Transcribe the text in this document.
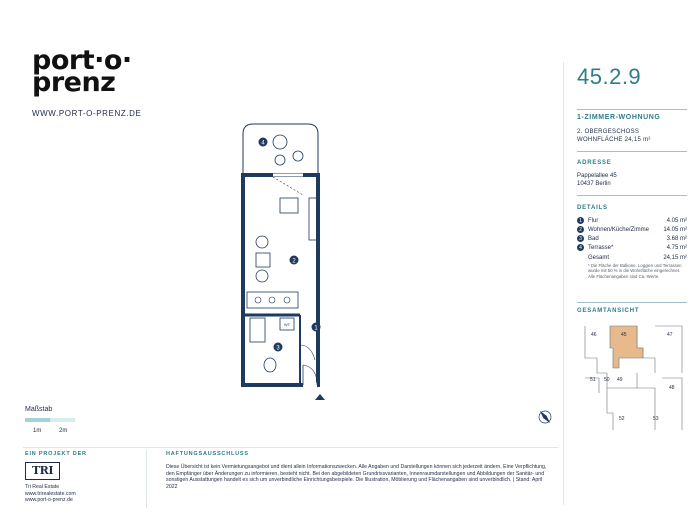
port·o·
prenz
WWW.PORT-O-PRENZ.DE
WT
4
2
1
3
45.2.9
1-ZIMMER-WOHNUNG
2. OBERGESCHOSS
WOHNFLÄCHE 24,15 m²
ADRESSE
Pappelallee 45
10437 Berlin
DETAILS
1	Flur	4.05 m²
2	Wohnen/Küche/Zimme	14.05 m²
3	Bad	3.68 m²
4	Terrasse*	4.75 m²
Gesamt	24,15 m²
* Die Fläche der Balkone, Loggien und Terrassen wurde mit 50 % in die Wohnfläche eingerechnet. Alle Flächenangaben sind Ca.-Werte.
GESAMTANSICHT
46	45	47
51 50 49
48
52	53
Maßstab
1m	2m
EIN PROJEKT DER
TRI
Tri Real Estate
www.trirealestate.com
www.port-o-prenz.de
HAFTUNGSAUSSCHLUSS
Diese Übersicht ist kein Vermietungsangebot und dient allein Informationszwecken. Alle Angaben und Darstellungen können sich jederzeit ändern. Eine Verpflichtung, den Empfänger über Änderungen zu informieren, besteht nicht. Bei den abgebildeten Grundrissvarianten, Innenraumdarstellungen und Abbildungen der Sanitär- und sonstigen Ausstattungen handelt es sich um unverbindliche Einrichtungsbeispiele. Die Illustration, Möblierung und Flächenangaben sind unverbindlich. | Stand: April 2022
